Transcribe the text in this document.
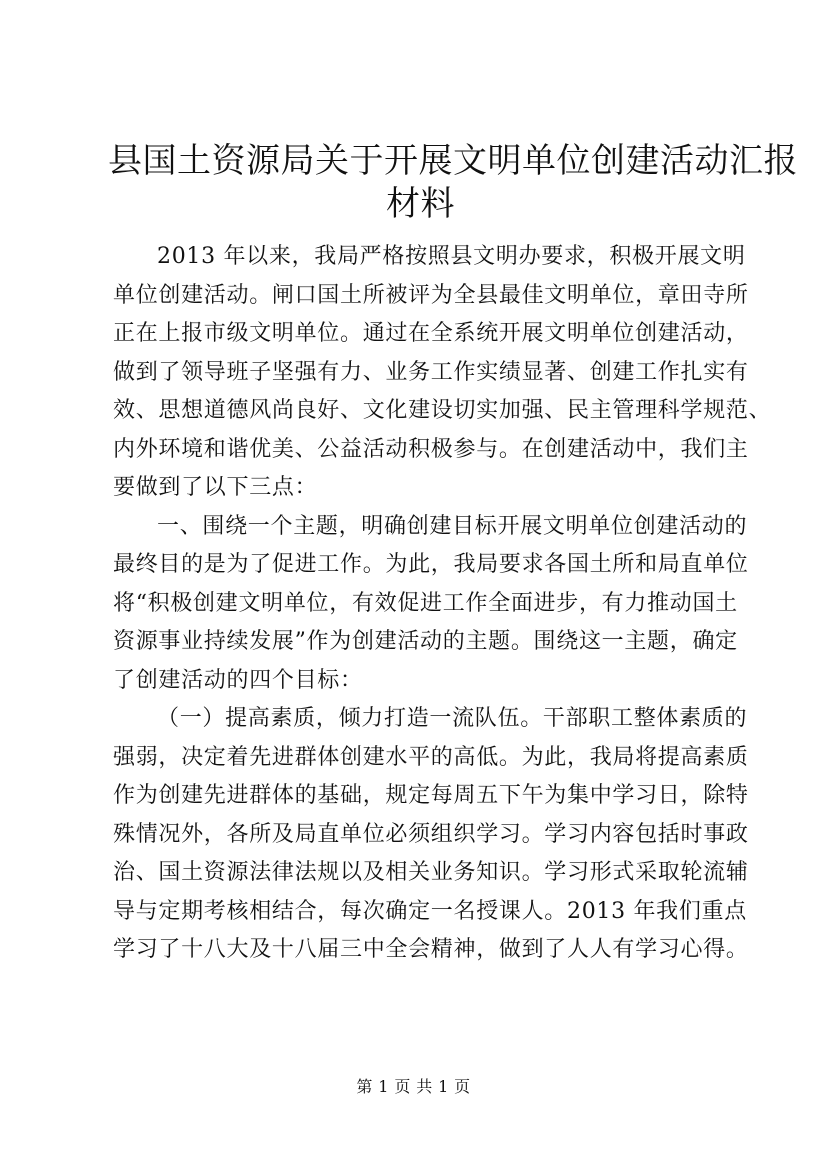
县国土资源局关于开展文明单位创建活动汇报
材料
2013 年以来，我局严格按照县文明办要求，积极开展文明
单位创建活动。闸口国土所被评为全县最佳文明单位，章田寺所
正在上报市级文明单位。通过在全系统开展文明单位创建活动，
做到了领导班子坚强有力、业务工作实绩显著、创建工作扎实有
效、思想道德风尚良好、文化建设切实加强、民主管理科学规范、
内外环境和谐优美、公益活动积极参与。在创建活动中，我们主
要做到了以下三点：
一、围绕一个主题，明确创建目标开展文明单位创建活动的
最终目的是为了促进工作。为此，我局要求各国土所和局直单位
将“积极创建文明单位，有效促进工作全面进步，有力推动国土
资源事业持续发展”作为创建活动的主题。围绕这一主题，确定
了创建活动的四个目标：
（一）提高素质，倾力打造一流队伍。干部职工整体素质的
强弱，决定着先进群体创建水平的高低。为此，我局将提高素质
作为创建先进群体的基础，规定每周五下午为集中学习日，除特
殊情况外，各所及局直单位必须组织学习。学习内容包括时事政
治、国土资源法律法规以及相关业务知识。学习形式采取轮流辅
导与定期考核相结合，每次确定一名授课人。2013 年我们重点
学习了十八大及十八届三中全会精神，做到了人人有学习心得。
第 1 页 共 1 页
